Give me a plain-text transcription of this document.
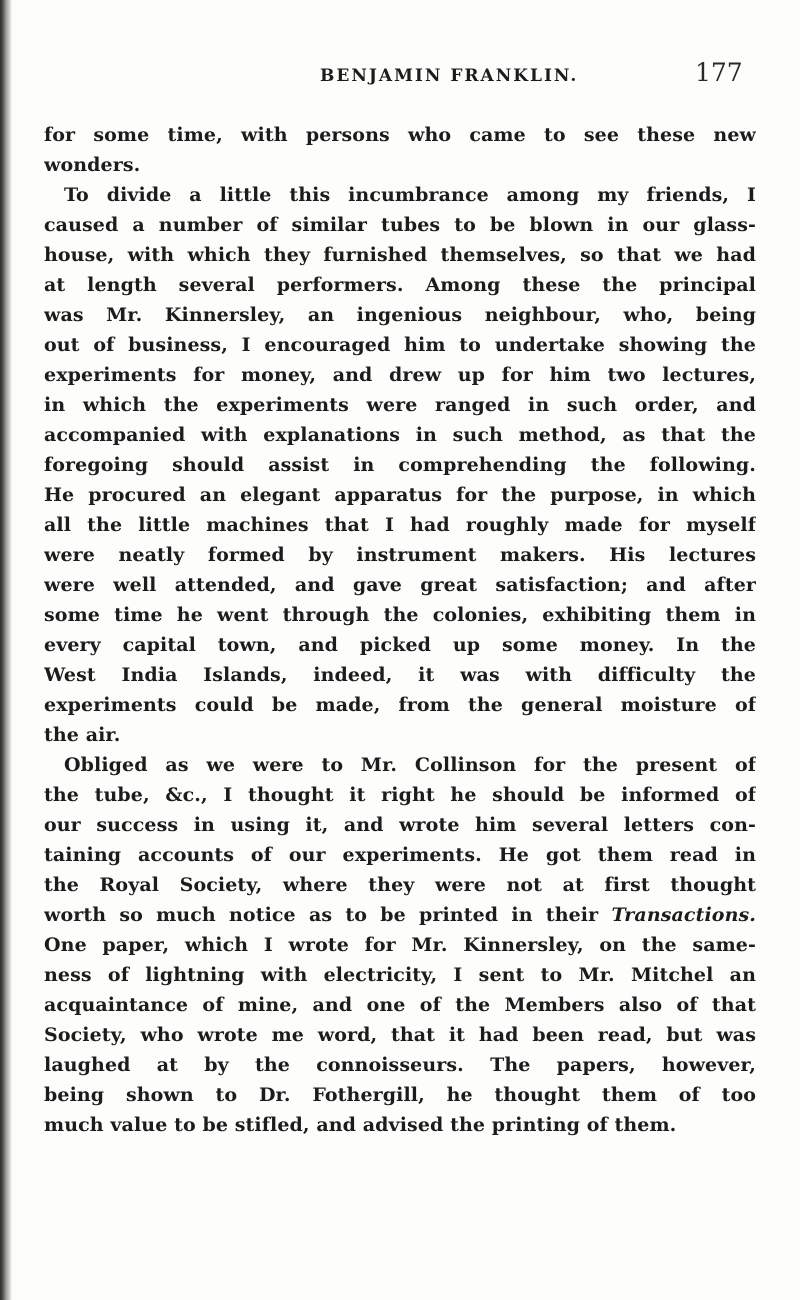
BENJAMIN FRANKLIN.	177
for some time, with persons who came to see these new
wonders.
To divide a little this incumbrance among my friends, I
caused a number of similar tubes to be blown in our glass-
house, with which they furnished themselves, so that we had
at length several performers. Among these the principal
was Mr. Kinnersley, an ingenious neighbour, who, being
out of business, I encouraged him to undertake showing the
experiments for money, and drew up for him two lectures,
in which the experiments were ranged in such order, and
accompanied with explanations in such method, as that the
foregoing should assist in comprehending the following.
He procured an elegant apparatus for the purpose, in which
all the little machines that I had roughly made for myself
were neatly formed by instrument makers. His lectures
were well attended, and gave great satisfaction; and after
some time he went through the colonies, exhibiting them in
every capital town, and picked up some money. In the
West India Islands, indeed, it was with difficulty the
experiments could be made, from the general moisture of
the air.
Obliged as we were to Mr. Collinson for the present of
the tube, &c., I thought it right he should be informed of
our success in using it, and wrote him several letters con-
taining accounts of our experiments. He got them read in
the Royal Society, where they were not at first thought
worth so much notice as to be printed in their Transactions.
One paper, which I wrote for Mr. Kinnersley, on the same-
ness of lightning with electricity, I sent to Mr. Mitchel an
acquaintance of mine, and one of the Members also of that
Society, who wrote me word, that it had been read, but was
laughed at by the connoisseurs. The papers, however,
being shown to Dr. Fothergill, he thought them of too
much value to be stifled, and advised the printing of them.
